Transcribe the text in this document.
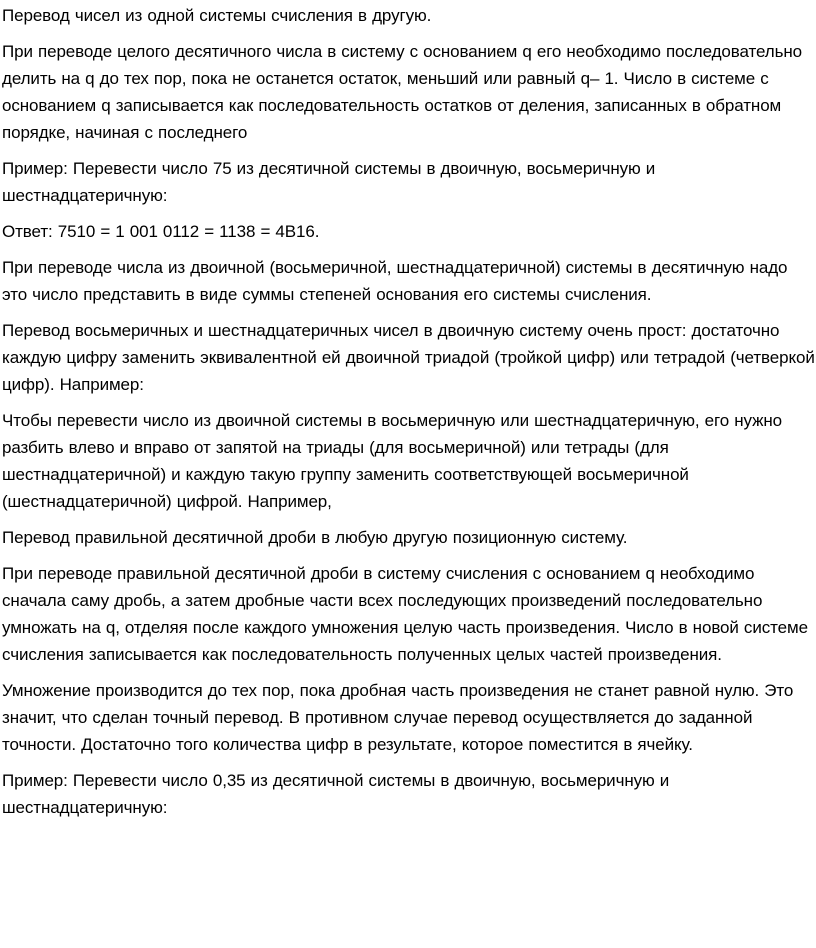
Перевод чисел из одной системы счисления в другую.

При переводе целого десятичного числа в систему с основанием q его необходимо последовательно делить на q до тех пор, пока не останется остаток, меньший или равный q– 1. Число в системе с основанием q записывается как последовательность остатков от деления, записанных в обратном порядке, начиная с последнего

Пример: Перевести число 75 из десятичной системы в двоичную, восьмеричную и шестнадцатеричную:

Ответ: 7510 = 1 001 0112 = 1138 = 4B16.

При переводе числа из двоичной (восьмеричной, шестнадцатеричной) системы в десятичную надо это число представить в виде суммы степеней основания его системы счисления.

Перевод восьмеричных и шестнадцатеричных чисел в двоичную систему очень прост: достаточно каждую цифру заменить эквивалентной ей двоичной триадой (тройкой цифр) или тетрадой (четверкой цифр). Например:

Чтобы перевести число из двоичной системы в восьмеричную или шестнадцатеричную, его нужно разбить влево и вправо от запятой на триады (для восьмеричной) или тетрады (для шестнадцатеричной) и каждую такую группу заменить соответствующей восьмеричной (шестнадцатеричной) цифрой. Например,

Перевод правильной десятичной дроби в любую другую позиционную систему.

При переводе правильной десятичной дроби в систему счисления с основанием q необходимо сначала саму дробь, а затем дробные части всех последующих произведений последовательно умножать на q, отделяя после каждого умножения целую часть произведения. Число в новой системе счисления записывается как последовательность полученных целых частей произведения.

Умножение производится до тех пор, пока дробная часть произведения не станет равной нулю. Это значит, что сделан точный перевод. В противном случае перевод осуществляется до заданной точности. Достаточно того количества цифр в результате, которое поместится в ячейку.

Пример: Перевести число 0,35 из десятичной системы в двоичную, восьмеричную и шестнадцатеричную:
